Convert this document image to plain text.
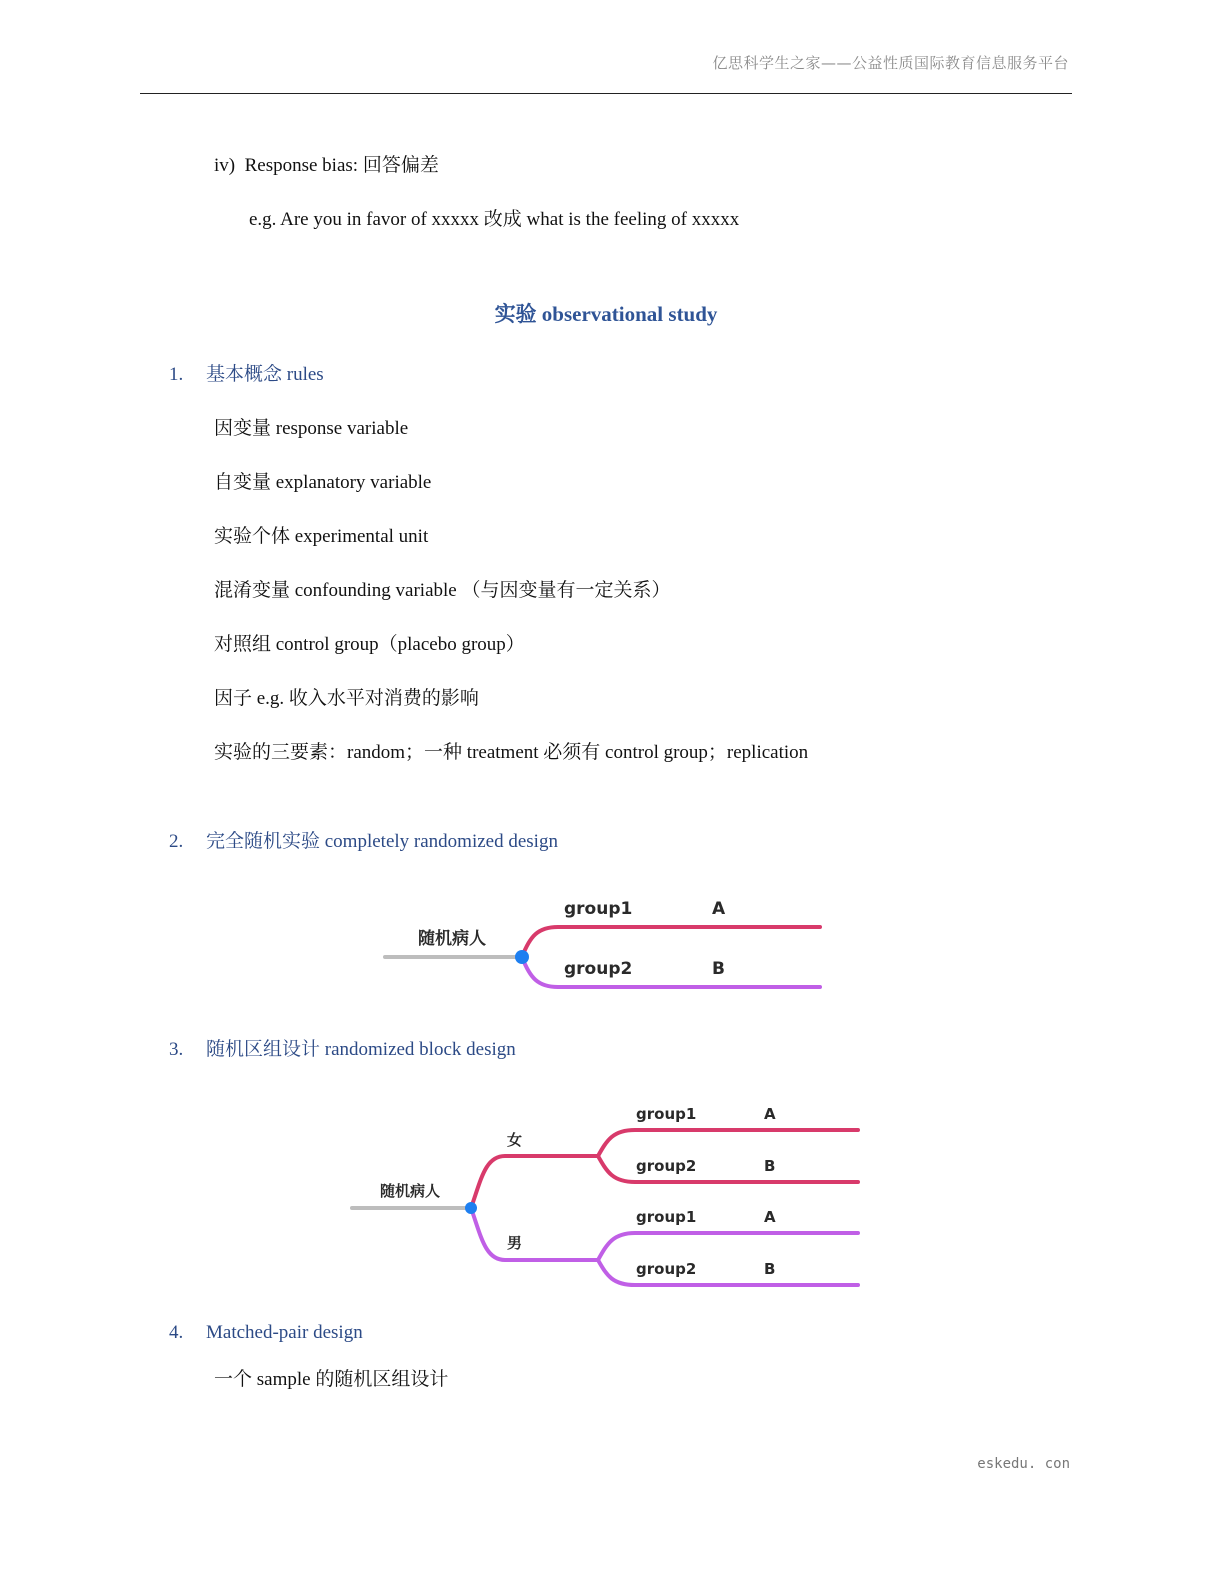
亿思科学生之家——公益性质国际教育信息服务平台
iv) Response bias: 回答偏差
e.g. Are you in favor of xxxxx 改成 what is the feeling of xxxxx
实验 observational study
1. 基本概念 rules
因变量 response variable
自变量 explanatory variable
实验个体 experimental unit
混淆变量 confounding variable （与因变量有一定关系）
对照组 control group（placebo group）
因子 e.g. 收入水平对消费的影响
实验的三要素：random；一种 treatment 必须有 control group；replication
2. 完全随机实验 completely randomized design
随机病人
group1	A
group2	B
3. 随机区组设计 randomized block design
随机病人
女
男
group1	A
group2	B
group1	A
group2	B
4. Matched-pair design
一个 sample 的随机区组设计
eskedu. con
